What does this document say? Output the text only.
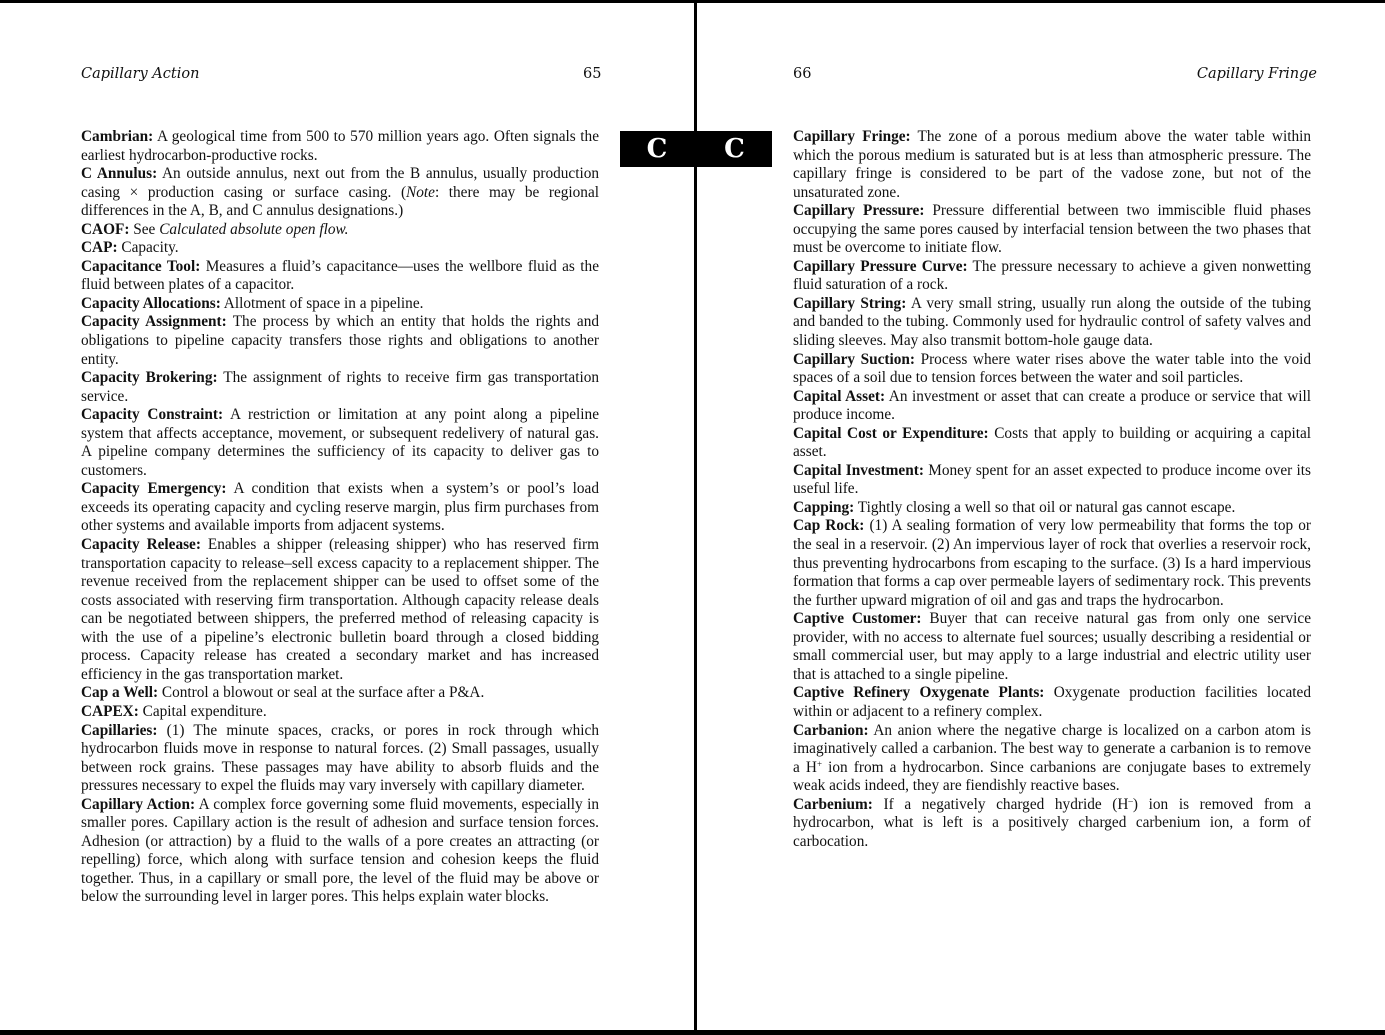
Capillary Action	65
C

Cambrian: A geological time from 500 to 570 million years ago. Often signals the earliest hydrocarbon-productive rocks.

C Annulus: An outside annulus, next out from the B annulus, usually production casing × production casing or surface casing. (Note: there may be regional differences in the A, B, and C annulus designations.)

CAOF: See Calculated absolute open flow.

CAP: Capacity.

Capacitance Tool: Measures a fluid’s capacitance—uses the wellbore fluid as the fluid between plates of a capacitor.

Capacity Allocations: Allotment of space in a pipeline.

Capacity Assignment: The process by which an entity that holds the rights and obligations to pipeline capacity transfers those rights and obligations to another entity.

Capacity Brokering: The assignment of rights to receive firm gas transportation service.

Capacity Constraint: A restriction or limitation at any point along a pipeline system that affects acceptance, movement, or subsequent redelivery of natural gas. A pipeline company determines the sufficiency of its capacity to deliver gas to customers.

Capacity Emergency: A condition that exists when a system’s or pool’s load exceeds its operating capacity and cycling reserve margin, plus firm purchases from other systems and available imports from adjacent systems.

Capacity Release: Enables a shipper (releasing shipper) who has reserved firm transportation capacity to release–sell excess capacity to a replacement shipper. The revenue received from the replacement shipper can be used to offset some of the costs associated with reserving firm transportation. Although capacity release deals can be negotiated between shippers, the preferred method of releasing capacity is with the use of a pipeline’s electronic bulletin board through a closed bidding process. Capacity release has created a secondary market and has increased efficiency in the gas transportation market.

Cap a Well: Control a blowout or seal at the surface after a P&A.

CAPEX: Capital expenditure.

Capillaries: (1) The minute spaces, cracks, or pores in rock through which hydrocarbon fluids move in response to natural forces. (2) Small passages, usually between rock grains. These passages may have ability to absorb fluids and the pressures necessary to expel the fluids may vary inversely with capillary diameter.

Capillary Action: A complex force governing some fluid movements, especially in smaller pores. Capillary action is the result of adhesion and surface tension forces. Adhesion (or attraction) by a fluid to the walls of a pore creates an attracting (or repelling) force, which along with surface tension and cohesion keeps the fluid together. Thus, in a capillary or small pore, the level of the fluid may be above or below the surrounding level in larger pores. This helps explain water blocks.

66	Capillary Fringe
C	Capillary Fringe: The zone of a porous medium above the water table within which the porous medium is saturated but is at less than atmospheric pressure. The capillary fringe is considered to be part of the vadose zone, but not of the unsaturated zone.

Capillary Pressure: Pressure differential between two immiscible fluid phases occupying the same pores caused by interfacial tension between the two phases that must be overcome to initiate flow.

Capillary Pressure Curve: The pressure necessary to achieve a given nonwetting fluid saturation of a rock.

Capillary String: A very small string, usually run along the outside of the tubing and banded to the tubing. Commonly used for hydraulic control of safety valves and sliding sleeves. May also transmit bottom-hole gauge data.

Capillary Suction: Process where water rises above the water table into the void spaces of a soil due to tension forces between the water and soil particles.

Capital Asset: An investment or asset that can create a produce or service that will produce income.

Capital Cost or Expenditure: Costs that apply to building or acquiring a capital asset.

Capital Investment: Money spent for an asset expected to produce income over its useful life.

Capping: Tightly closing a well so that oil or natural gas cannot escape.

Cap Rock: (1) A sealing formation of very low permeability that forms the top or the seal in a reservoir. (2) An impervious layer of rock that overlies a reservoir rock, thus preventing hydrocarbons from escaping to the surface. (3) Is a hard impervious formation that forms a cap over permeable layers of sedimentary rock. This prevents the further upward migration of oil and gas and traps the hydrocarbon.

Captive Customer: Buyer that can receive natural gas from only one service provider, with no access to alternate fuel sources; usually describing a residential or small commercial user, but may apply to a large industrial and electric utility user that is attached to a single pipeline.

Captive Refinery Oxygenate Plants: Oxygenate production facilities located within or adjacent to a refinery complex.

Carbanion: An anion where the negative charge is localized on a carbon atom is imaginatively called a carbanion. The best way to generate a carbanion is to remove a H+ ion from a hydrocarbon. Since carbanions are conjugate bases to extremely weak acids indeed, they are fiendishly reactive bases.

Carbenium: If a negatively charged hydride (H–) ion is removed from a hydrocarbon, what is left is a positively charged carbenium ion, a form of carbocation.
